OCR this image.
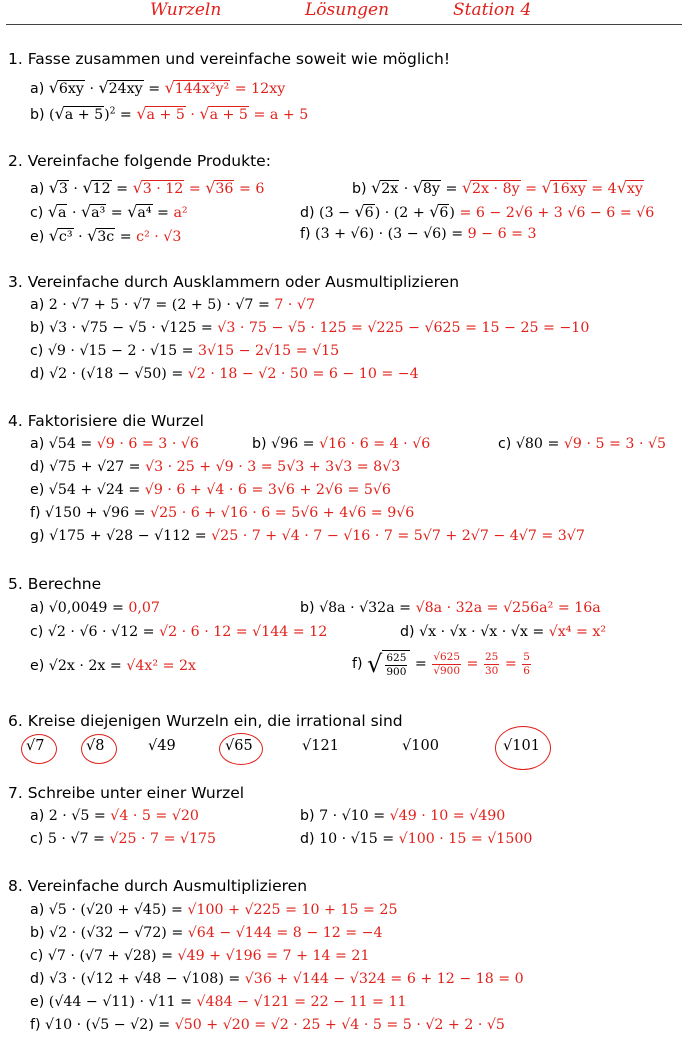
Wurzeln	Lösungen	Station 4
1. Fasse zusammen und vereinfache soweit wie möglich!
a) √6xy · √24xy = √144x²y² = 12xy
b) $(√a + 5)^2 = √a + 5 \cdot √a + 5 = a + 5$
2. Vereinfache folgende Produkte:
a) √3 · √12 = √3 · 12 = √36 = 6	b) √2x · √8y = √2x · 8y = √16xy = 4√xy
c) √a · √a³ = √a⁴ = a²	d) (3 − √6) · (2 + √6) = 6 − 2√6 + 3 √6 − 6 = √6
e) √c³ · √3c = c² · √3	f) (3 + √6) · (3 − √6) = 9 − 6 = 3
3. Vereinfache durch Ausklammern oder Ausmultiplizieren
a) 2 · √7 + 5 · √7 = (2 + 5) · √7 = 7 · √7
b) √3 · √75 − √5 · √125 = √3 · 75 − √5 · 125 = √225 − √625 = 15 − 25 = −10
c) √9 · √15 − 2 · √15 = 3√15 − 2√15 = √15
d) √2 · (√18 − √50) = √2 · 18 − √2 · 50 = 6 − 10 = −4
4. Faktorisiere die Wurzel
a) √54 = √9 · 6 = 3 · √6	b) √96 = √16 · 6 = 4 · √6	c) √80 = √9 · 5 = 3 · √5
d) √75 + √27 = √3 · 25 + √9 · 3 = 5√3 + 3√3 = 8√3
e) √54 + √24 = √9 · 6 + √4 · 6 = 3√6 + 2√6 = 5√6
f) √150 + √96 = √25 · 6 + √16 · 6 = 5√6 + 4√6 = 9√6
g) √175 + √28 − √112 = √25 · 7 + √4 · 7 − √16 · 7 = 5√7 + 2√7 − 4√7 = 3√7
5. Berechne
a) √0,0049 = 0,07	b) √8a · √32a = √8a · 32a = √256a² = 16a
c) √2 · √6 · √12 = √2 · 6 · 12 = √144 = 12	d) √x · √x · √x · √x = √x⁴ = x²
e) √2x · 2x = √4x² = 2x	f) √ $\frac{625}{900} = \frac{√625}{√900} = \frac{25}{30} = \frac{5}{6}$
6. Kreise diejenigen Wurzeln ein, die irrational sind
√7	√8	√49	√65	√121	√100	√101
7. Schreibe unter einer Wurzel
a) 2 · √5 = √4 · 5 = √20	b) 7 · √10 = √49 · 10 = √490
c) 5 · √7 = √25 · 7 = √175	d) 10 · √15 = √100 · 15 = √1500
8. Vereinfache durch Ausmultiplizieren
a) √5 · (√20 + √45) = √100 + √225 = 10 + 15 = 25
b) √2 · (√32 − √72) = √64 − √144 = 8 − 12 = −4
c) √7 · (√7 + √28) = √49 + √196 = 7 + 14 = 21
d) √3 · (√12 + √48 − √108) = √36 + √144 − √324 = 6 + 12 − 18 = 0
e) (√44 − √11) · √11 = √484 − √121 = 22 − 11 = 11
f) √10 · (√5 − √2) = √50 + √20 = √2 · 25 + √4 · 5 = 5 · √2 + 2 · √5
